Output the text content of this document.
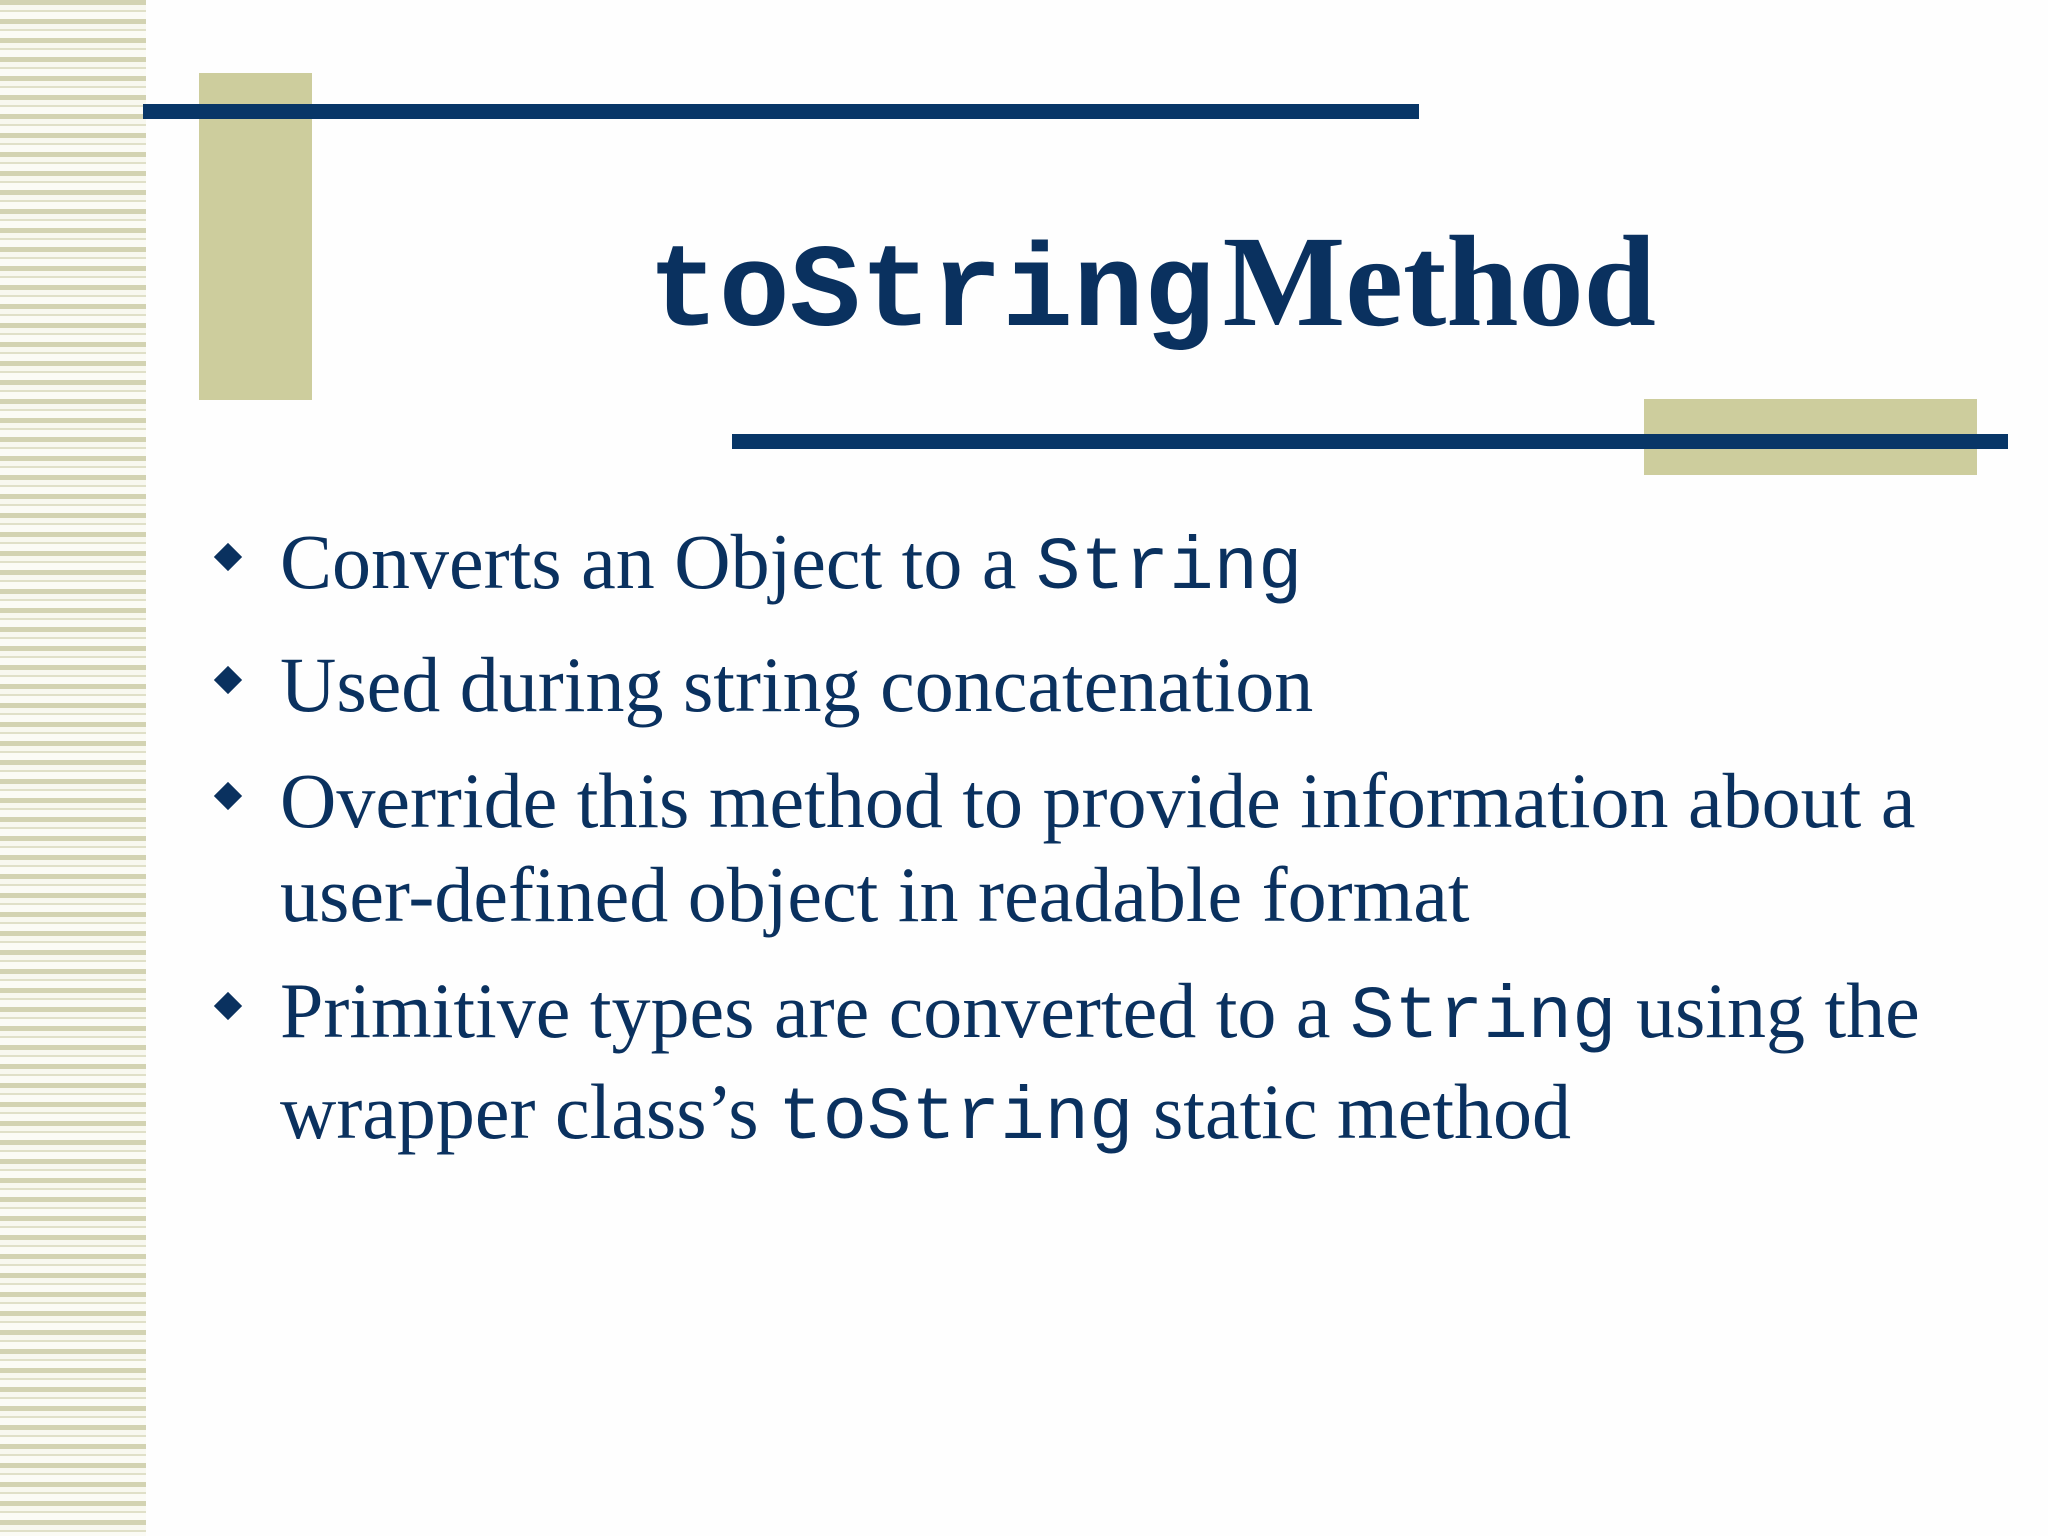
toString Method
Converts an Object to a String
Used during string concatenation
Override this method to provide information about a user-defined object in readable format
Primitive types are converted to a String using the wrapper class’s toString static method
